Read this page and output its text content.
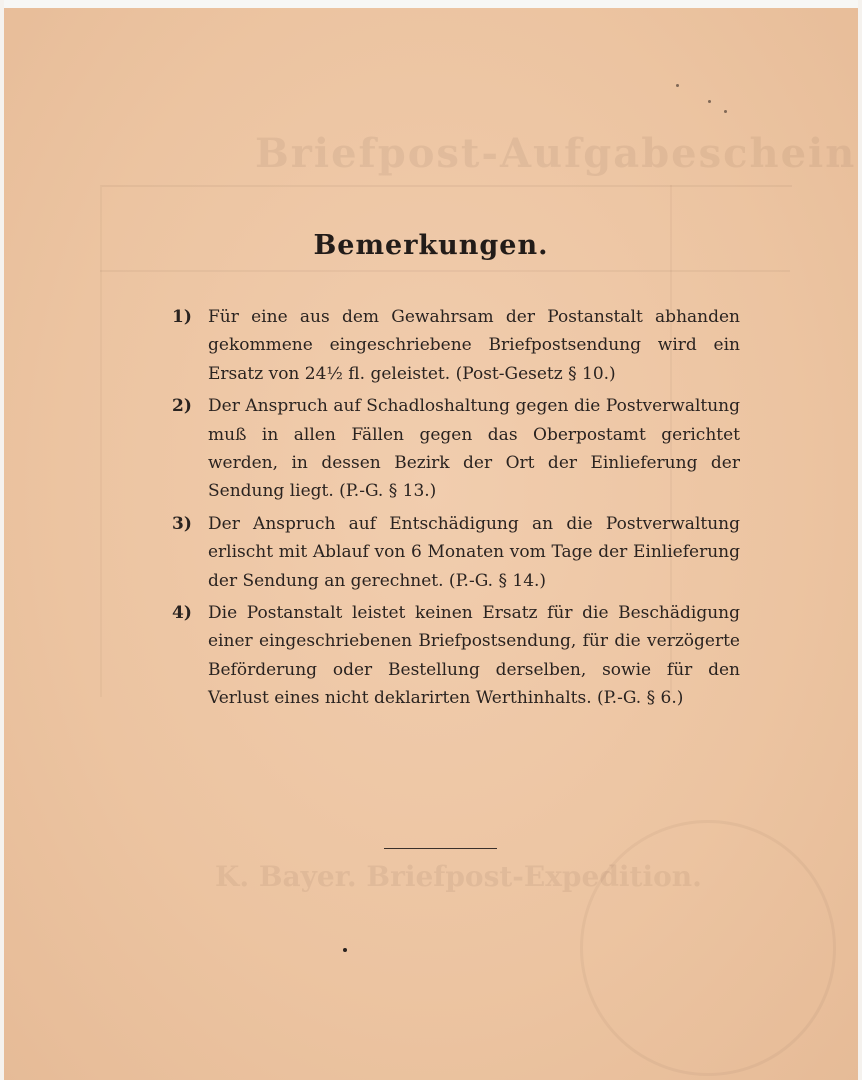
Briefpost-Aufgabeschein
K. Bayer. Briefpost-Expedition.
Bemerkungen.
1) Für eine aus dem Gewahrsam der Postanstalt abhanden gekommene eingeschriebene Briefpostsendung wird ein Ersatz von 24½ fl. geleistet. (Post-Gesetz § 10.)
2) Der Anspruch auf Schadloshaltung gegen die Postverwaltung muß in allen Fällen gegen das Oberpostamt gerichtet werden, in dessen Bezirk der Ort der Einlieferung der Sendung liegt. (P.-G. § 13.)
3) Der Anspruch auf Entschädigung an die Postverwaltung erlischt mit Ablauf von 6 Monaten vom Tage der Einlieferung der Sendung an gerechnet. (P.-G. § 14.)
4) Die Postanstalt leistet keinen Ersatz für die Beschädigung einer eingeschriebenen Briefpostsendung, für die verzögerte Beförderung oder Bestellung derselben, sowie für den Verlust eines nicht deklarirten Werthinhalts. (P.-G. § 6.)
